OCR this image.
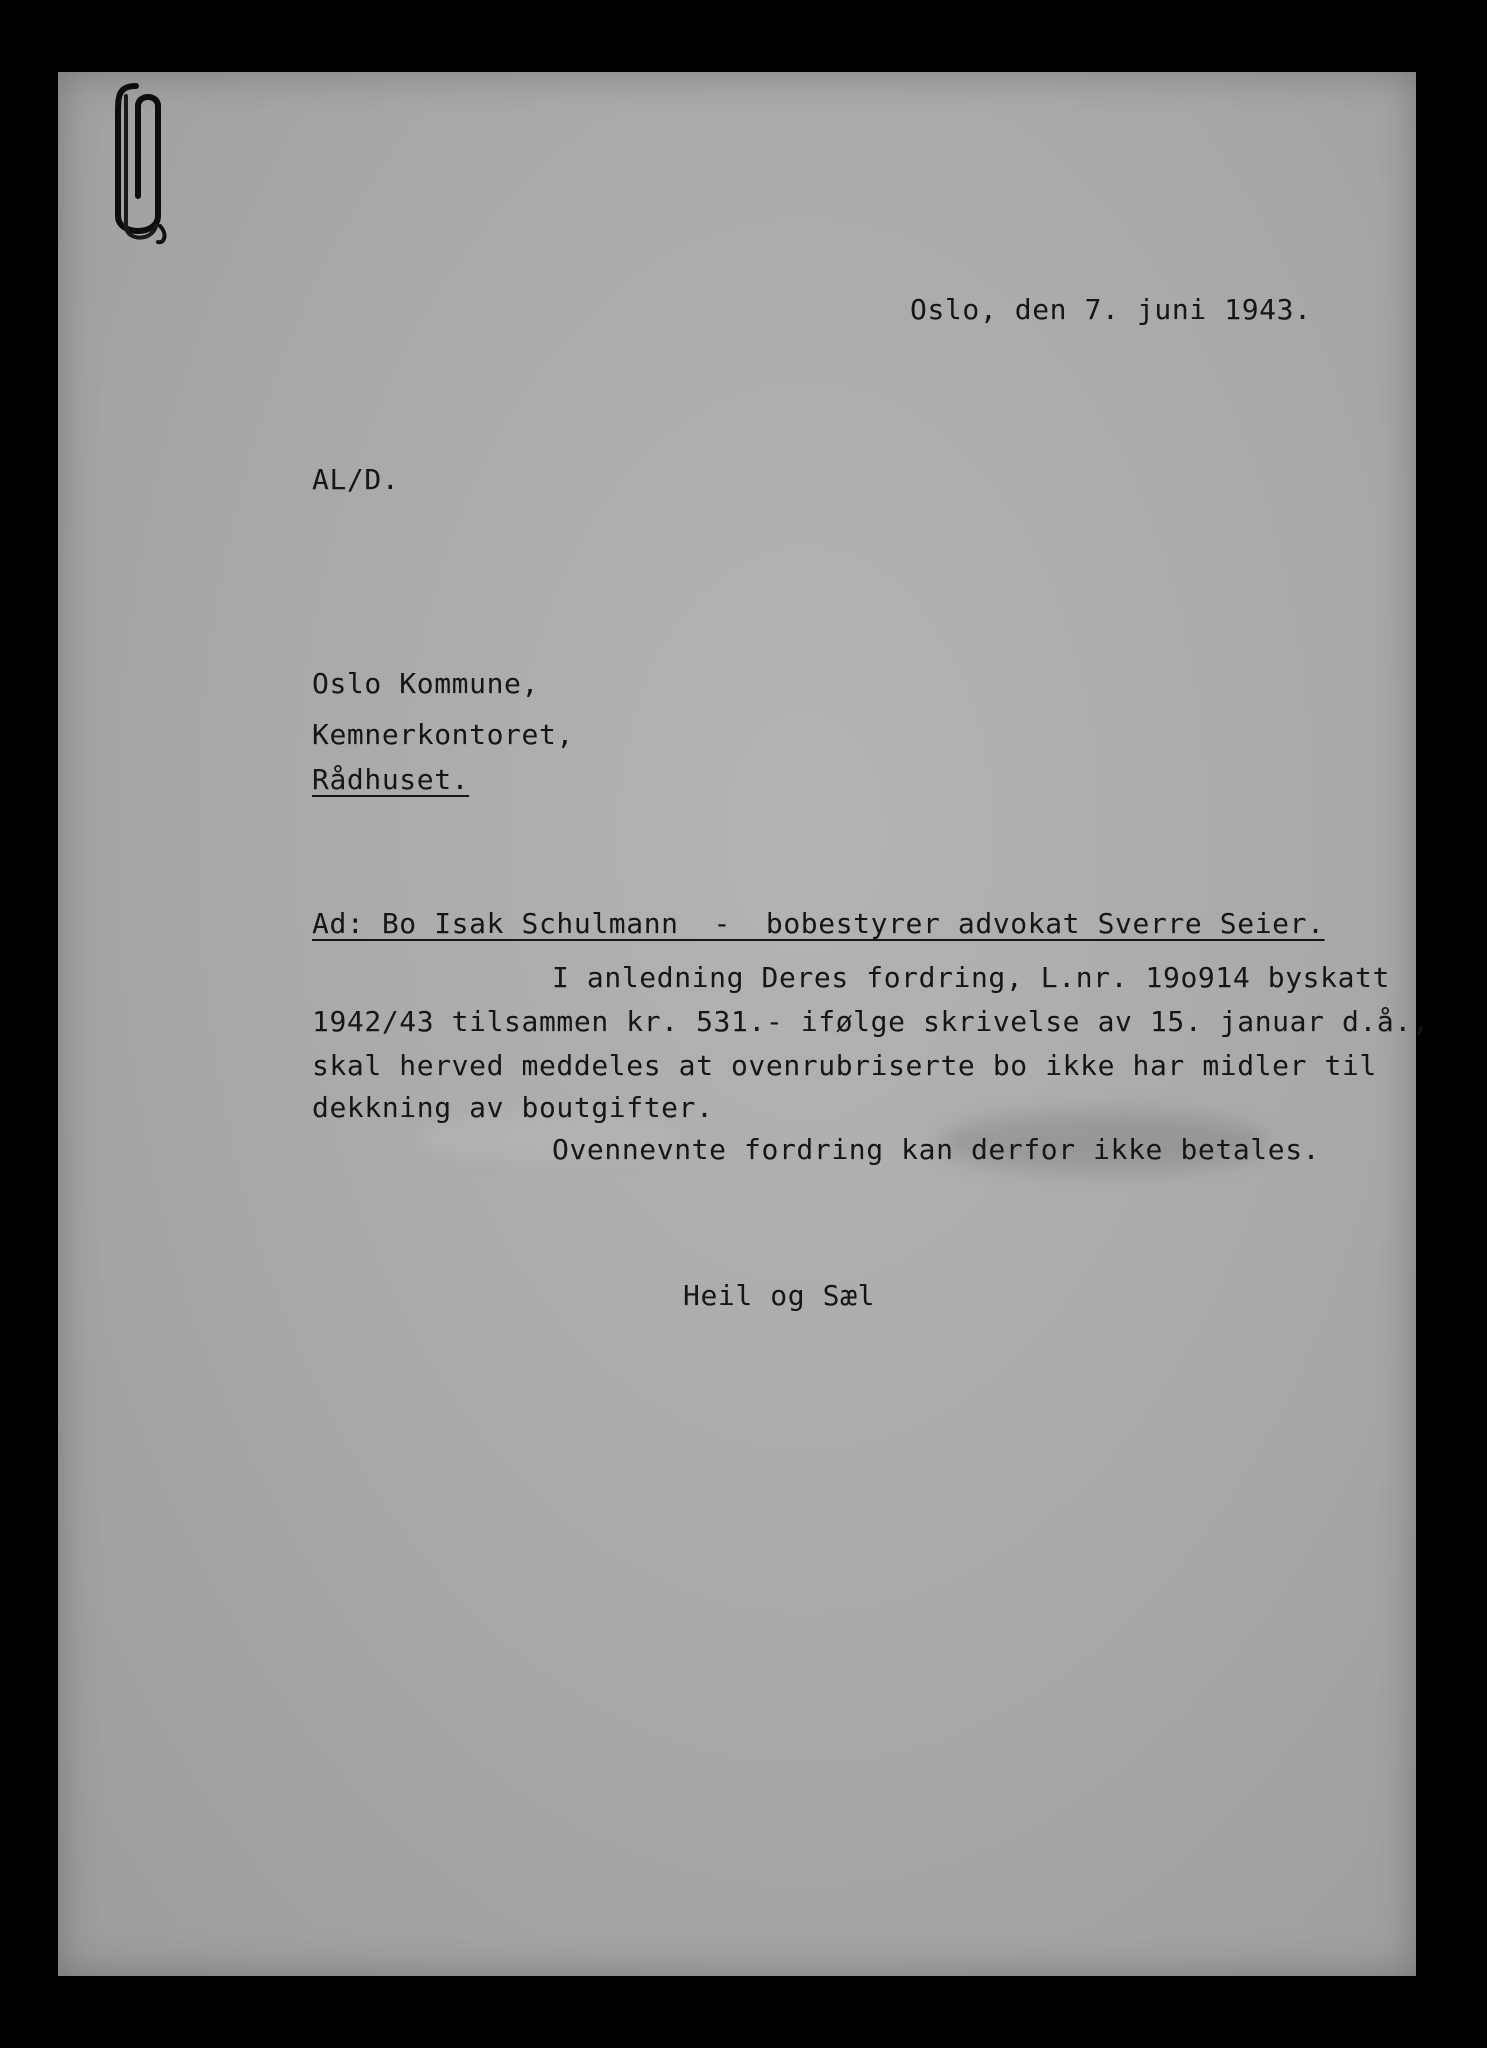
Oslo, den 7. juni 1943.

AL/D.

Oslo Kommune,

Kemnerkontoret,

Rådhuset.

Ad: Bo Isak Schulmann  -  bobestyrer advokat Sverre Seier.

I anledning Deres fordring, L.nr. 19o914 byskatt

1942/43 tilsammen kr. 531.- ifølge skrivelse av 15. januar d.å.,

skal herved meddeles at ovenrubriserte bo ikke har midler til

dekkning av boutgifter.

Ovennevnte fordring kan derfor ikke betales.

Heil og Sæl
